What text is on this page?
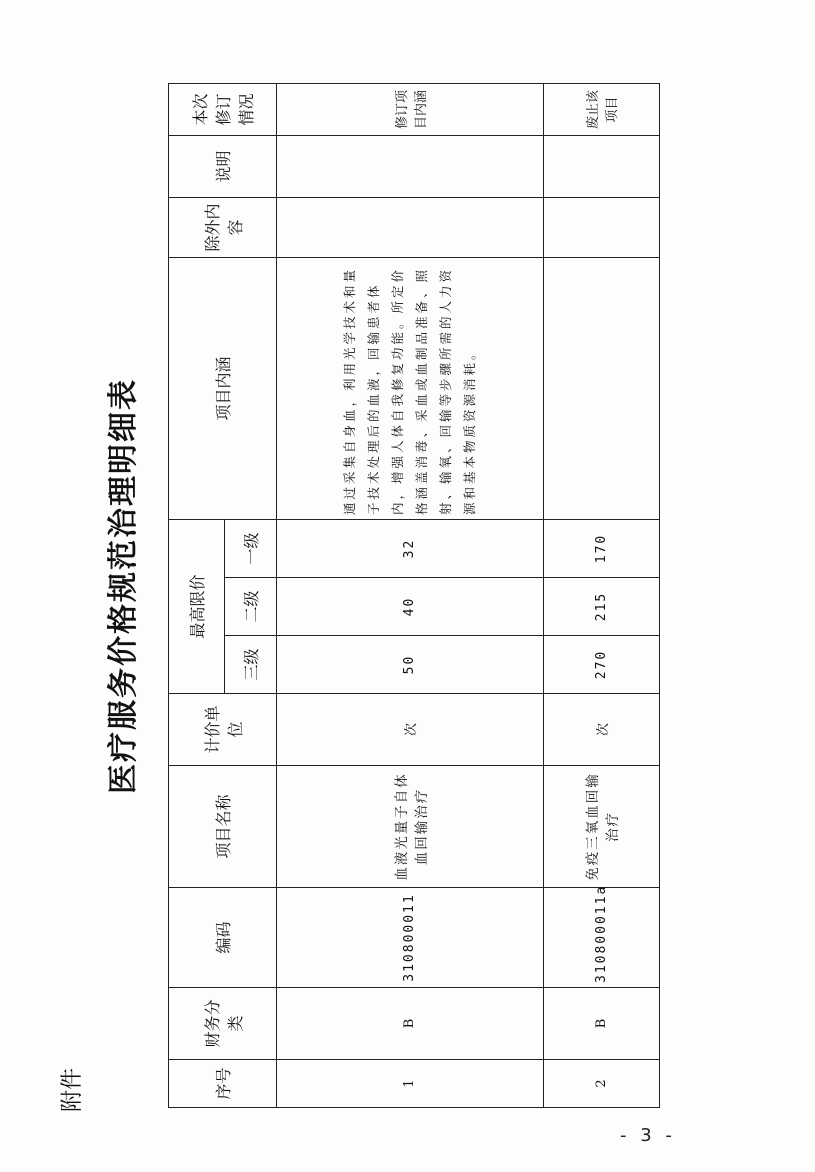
附件
医疗服务价格规范治理明细表
序号	财务分类	编码	项目名称	计价单位	最高限价			项目内涵	除外内容	说明	本次修订情况
					三级	二级	一级				
1	B	310800011	血液光量子自体血回输治疗	次	50	40	32	通过采集自身血，利用光学技术和量子技术处理后的血液，回输患者体内，增强人体自我修复功能。所定价格涵盖消毒、采血或血制品准备、照射、输氧、回输等步骤所需的人力资源和基本物质资源消耗。			修订项目内涵
2	B	310800011a	免疫三氧血回输治疗	次	270	215	170				废止该项目
- 3 -
